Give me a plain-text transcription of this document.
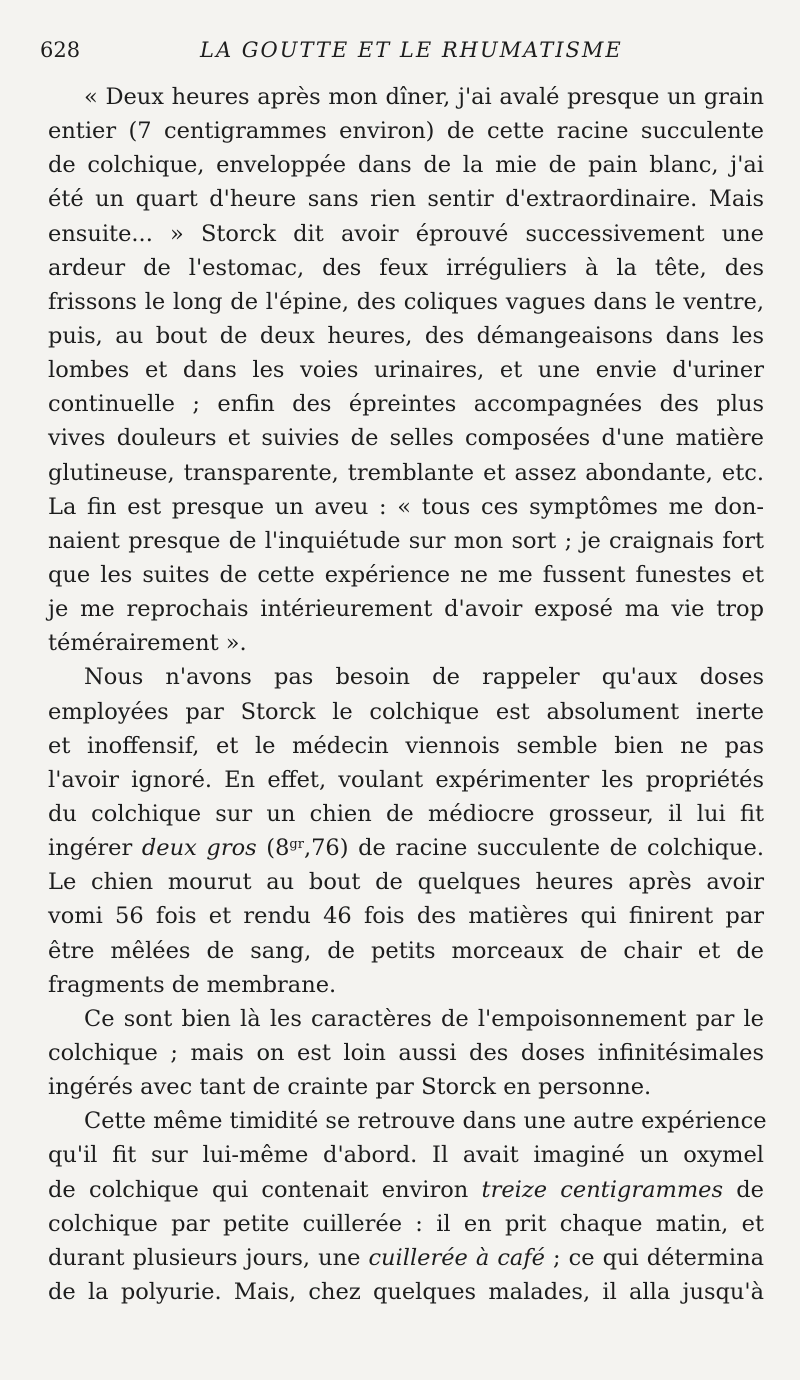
628	LA GOUTTE ET LE RHUMATISME
« Deux heures après mon dîner, j'ai avalé presque un grain
entier (7 centigrammes environ) de cette racine succulente
de colchique, enveloppée dans de la mie de pain blanc, j'ai
été un quart d'heure sans rien sentir d'extraordinaire. Mais
ensuite... » Storck dit avoir éprouvé successivement une
ardeur de l'estomac, des feux irréguliers à la tête, des
frissons le long de l'épine, des coliques vagues dans le ventre,
puis, au bout de deux heures, des démangeaisons dans les
lombes et dans les voies urinaires, et une envie d'uriner
continuelle ; enfin des épreintes accompagnées des plus
vives douleurs et suivies de selles composées d'une matière
glutineuse, transparente, tremblante et assez abondante, etc.
La fin est presque un aveu : « tous ces symptômes me don-
naient presque de l'inquiétude sur mon sort ; je craignais fort
que les suites de cette expérience ne me fussent funestes et
je me reprochais intérieurement d'avoir exposé ma vie trop
témérairement ».
Nous n'avons pas besoin de rappeler qu'aux doses
employées par Storck le colchique est absolument inerte
et inoffensif, et le médecin viennois semble bien ne pas
l'avoir ignoré. En effet, voulant expérimenter les propriétés
du colchique sur un chien de médiocre grosseur, il lui fit
ingérer deux gros $(8^{gr},76)$ de racine succulente de colchique.
Le chien mourut au bout de quelques heures après avoir
vomi 56 fois et rendu 46 fois des matières qui finirent par
être mêlées de sang, de petits morceaux de chair et de
fragments de membrane.
Ce sont bien là les caractères de l'empoisonnement par le
colchique ; mais on est loin aussi des doses infinitésimales
ingérés avec tant de crainte par Storck en personne.
Cette même timidité se retrouve dans une autre expérience
qu'il fit sur lui-même d'abord. Il avait imaginé un oxymel
de colchique qui contenait environ treize centigrammes de
colchique par petite cuillerée : il en prit chaque matin, et
durant plusieurs jours, une cuillerée à café ; ce qui détermina
de la polyurie. Mais, chez quelques malades, il alla jusqu'à
